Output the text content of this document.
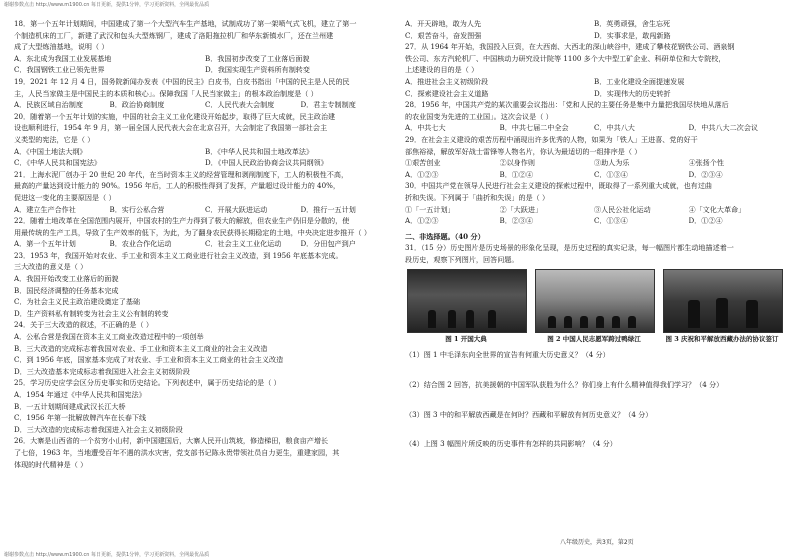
谢谢参数点击 http://www.m1900.cn 每日更新，提供1分钟，学习更新资料，全网最优品质
18．第一个五年计划期间，中国建成了第一个大型汽车生产基地，试制成功了第一架喷气式飞机，建立了第一
个制造机床的工厂，新建了武汉和包头大型炼钢厂，建成了洛阳拖拉机厂和华东新镇水厂，还在兰州建
成了大型炼油基地，说明（ ）
A．东北成为我国工业发展基地	B．我国初步改变了工业落后面貌
C．我国钢铁工业已领先世界	D．我国实现生产资料所有制转变
19．2021 年 12 月 4 日，国务院新闻办发表《中国的民主》白皮书，白皮书指出「中国的民主是人民的民
主，人民当家做主是中国民主的本质和核心」。保障我国「人民当家做主」的根本政治制度是（ ）
A．民族区域自治制度	B．政治协商制度	C．人民代表大会制度	D．君主专制制度
20．随着第一个五年计划的实施，中国的社会主义工业化建设开始起步，取得了巨大成就，民主政治建
设也顺利进行，1954 年 9 月，第一届全国人民代表大会在北京召开，大会制定了我国第一部社会主
义类型的宪法，它是（ ）
A．《中国土地法大纲》	B．《中华人民共和国土地改革法》
C．《中华人民共和国宪法》	D．《中国人民政治协商会议共同纲领》
21．上海水泥厂创办于 20 世纪 20 年代，在当时资本主义的经营管理和剥削制度下，工人的积极性不高，
最高的产量达到设计能力的 90%。1956 年后，工人的积极性得到了发挥，产量超过设计能力的 40%，
促进这一变化的主要原因是（ ）
A．建立生产合作社	B．实行公私合营	C．开展大跃进运动	D．推行一五计划
22．随着土地改革在全国范围内展开，中国农村的生产力得到了极大的解放，但农业生产仍旧是分散的，使
用最传统的生产工具，导致了生产效率的低下，为此，为了翻身农民获得长期稳定的土地，中央决定进步推开（ ）
A．第一个五年计划	B．农业合作化运动	C．社会主义工业化运动	D．分田包产到户
23．1953 年，我国开始对农业、手工业和资本主义工商业进行社会主义改造，到 1956 年底基本完成。
三大改造的意义是（ ）
A．我国开始改变工业落后的面貌
B．国民经济调整的任务基本完成
C．为社会主义民主政治建设奠定了基础
D．生产资料私有制转变为社会主义公有制的转变
24．关于三大改造的叙述，不正确的是（ ）
A．公私合营是我国在资本主义工商业改造过程中的一项创举
B．三大改造的完成标志着我国对农业、手工业和资本主义工商业的社会主义改造
C．到 1956 年底，国家基本完成了对农业、手工业和资本主义工商业的社会主义改造
D．三大改造基本完成标志着我国进入社会主义初级阶段
25．学习历史应学会区分历史事实和历史结论。下列表述中，属于历史结论的是（ ）
A．1954 年通过《中华人民共和国宪法》
B．一五计划期间建成武汉长江大桥
C．1956 年第一批解放牌汽车在长春下线
D．三大改造的完成标志着我国进入社会主义初级阶段
26．大寨是山西省的一个贫穷小山村，新中国建国后，大寨人民开山筑坡，修造梯田，粮食亩产增长
了七倍，1963 年，当地遭受百年不遇的洪水灾害，党支部书记陈永贵带领社员自力更生，重建家园，其
体现的时代精神是（ ）
A．开天辟地，敢为人先	B．英勇顽强，舍生忘死
C．艰苦奋斗，奋发图强	D．实事求是，敢闯新路
27．从 1964 年开始，我国投入巨资，在大西南、大西北的深山峡谷中，建成了攀枝花钢铁公司、酒泉钢
铁公司、东方汽轮机厂、中国核动力研究设计院等 1100 多个大中型工矿企业、科研单位和大专院校，
上述建设的目的是（ ）
A．推进社会主义初级阶段	B．工业化建设全面提速发展
C．探索建设社会主义道路	D．实现伟大的历史转折
28．1956 年，中国共产党的某次重要会议指出：「党和人民的主要任务是集中力量把我国尽快地从落后
的农业国变为先进的工业国」。这次会议是（ ）
A．中共七大	B．中共七届二中全会	C．中共八大	D．中共八大二次会议
29．在社会主义建设的艰苦历程中涌现出许多优秀的人物，如果为「铁人」王进喜、党的好干
部焦裕禄，解放军好战士雷锋等人物名片，你认为最适切的一组排序是（ ）
①艰苦创业	②以身作则	③助人为乐	④张扬个性
A．①②③	B．①②④	C．①③④	D．②③④
30．中国共产党在领导人民进行社会主义建设的探索过程中，既取得了一系列重大成就，也有过曲
折和失误。下列属于「曲折和失误」的是（ ）
①「一五计划」	②「大跃进」	③人民公社化运动	④「文化大革命」
A．①②③	B．②③④	C．①③④	D．①②④
二、非选择题。（40 分）
31．（15 分）历史图片是历史场景的形象化呈现，是历史过程的真实记录，每一幅图片都生动地描述着一
段历史，观察下列图片，回答问题。
图 1 开国大典	图 2 中国人民志愿军跨过鸭绿江	图 3 庆祝和平解放西藏办法的协议签订
（1）图 1 中毛泽东向全世界的宣告有何重大历史意义？（4 分）
（2）结合图 2 回答，抗美援朝的中国军队获胜为什么？你们身上有什么精神值得我们学习？（4 分）
（3）图 3 中的和平解放西藏是在何时？西藏和平解放有何历史意义？（4 分）
（4）上图 3 幅图片所反映的历史事件有怎样的共同影响？（4 分）
八年级历史，共3页，第2页
谢谢参数点击 http://www.m1900.cn 每日更新，提供1分钟，学习更新资料，全网最优品质
